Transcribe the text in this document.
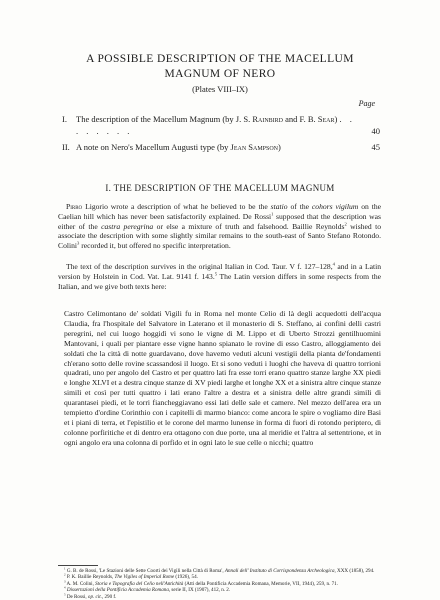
A POSSIBLE DESCRIPTION OF THE MACELLUM
MAGNUM OF NERO
(Plates VIII–IX)
Page
I. The description of the Macellum Magnum (by J. S. Rainbird and F. B. Sear) . . . . . . . .	40
II. A note on Nero's Macellum Augusti type (by Jean Sampson)	45
I. THE DESCRIPTION OF THE MACELLUM MAGNUM

Pirro Ligorio wrote a description of what he believed to be the statio of the cohors vigilum on the Caelian hill which has never been satisfactorily explained. De Rossi$^1$ supposed that the description was either of the castra peregrina or else a mixture of truth and falsehood. Baillie Reynolds$^2$ wished to associate the description with some slightly similar remains to the south-east of Santo Stefano Rotondo. Colini$^3$ recorded it, but offered no specific interpretation.

The text of the description survives in the original Italian in Cod. Taur. V f. 127–128,$^4$ and in a Latin version by Holstein in Cod. Vat. Lat. 9141 f. 143.$^5$ The Latin version differs in some respects from the Italian, and we give both texts here:

Castro Celimontano de' soldati Vigili fu in Roma nel monte Celio di là degli acquedotti dell'acqua Claudia, fra l'hospitale del Salvatore in Laterano et il monasterio di S. Steffano, ai confini delli castri peregrini, nel cui luogo hoggidì vi sono le vigne di M. Lippo et di Uberto Strozzi gentilhuomini Mantovani, i quali per piantare esse vigne hanno spianato le rovine di esso Castro, alloggiamento dei soldati che la città di notte guardavano, dove havemo veduti alcuni vestigii della pianta de'fondamenti ch'erano sotto delle rovine scassandosi il luogo. Et si sono veduti i luoghi che haveva di quattro torrioni quadrati, uno per angolo del Castro et per quattro lati fra esse torri erano quattro stanze larghe XX piedi e longhe XLVI et a destra cinque stanze di XV piedi larghe et longhe XX et a sinistra altre cinque stanze simili et così per tutti quattro i lati erano l'altre a destra et a sinistra delle altre grandi simili di quarantasei piedi, et le torri fiancheggiavano essi lati delle sale et camere. Nel mezzo dell'area era un tempietto d'ordine Corinthio con i capitelli di marmo bianco: come ancora le spire o vogliamo dire Basi et i piani di terra, et l'epistilio et le corone del marmo lunense in forma di fuori di rotondo periptero, di colonne porfiritiche et di dentro era ottagono con due porte, una al meridie et l'altra al settentrione, et in ogni angolo era una colonna di porfido et in ogni lato le sue celle o nicchi; quattro

$^1$ G. B. de Rossi, 'Le Stazioni delle Sette Coorti dei Vigili nella Città di Roma', Annali dell' Instituto di Corrispondenza Archeologica, XXX (1858), 294.
$^2$ P. K. Baillie Reynolds, The Vigiles of Imperial Rome (1926), 54.
$^3$ A. M. Colini, Storia e Topografia del Celio nell'Antichità (Atti della Pontificia Accademia Romana, Memorie, VII, 1944), 259, n. 71.
$^4$ Dissertazioni della Pontificia Accademia Romana, serie II, IX (1907), 412, n. 2.
$^5$ De Rossi, op. cit., 290 f.
